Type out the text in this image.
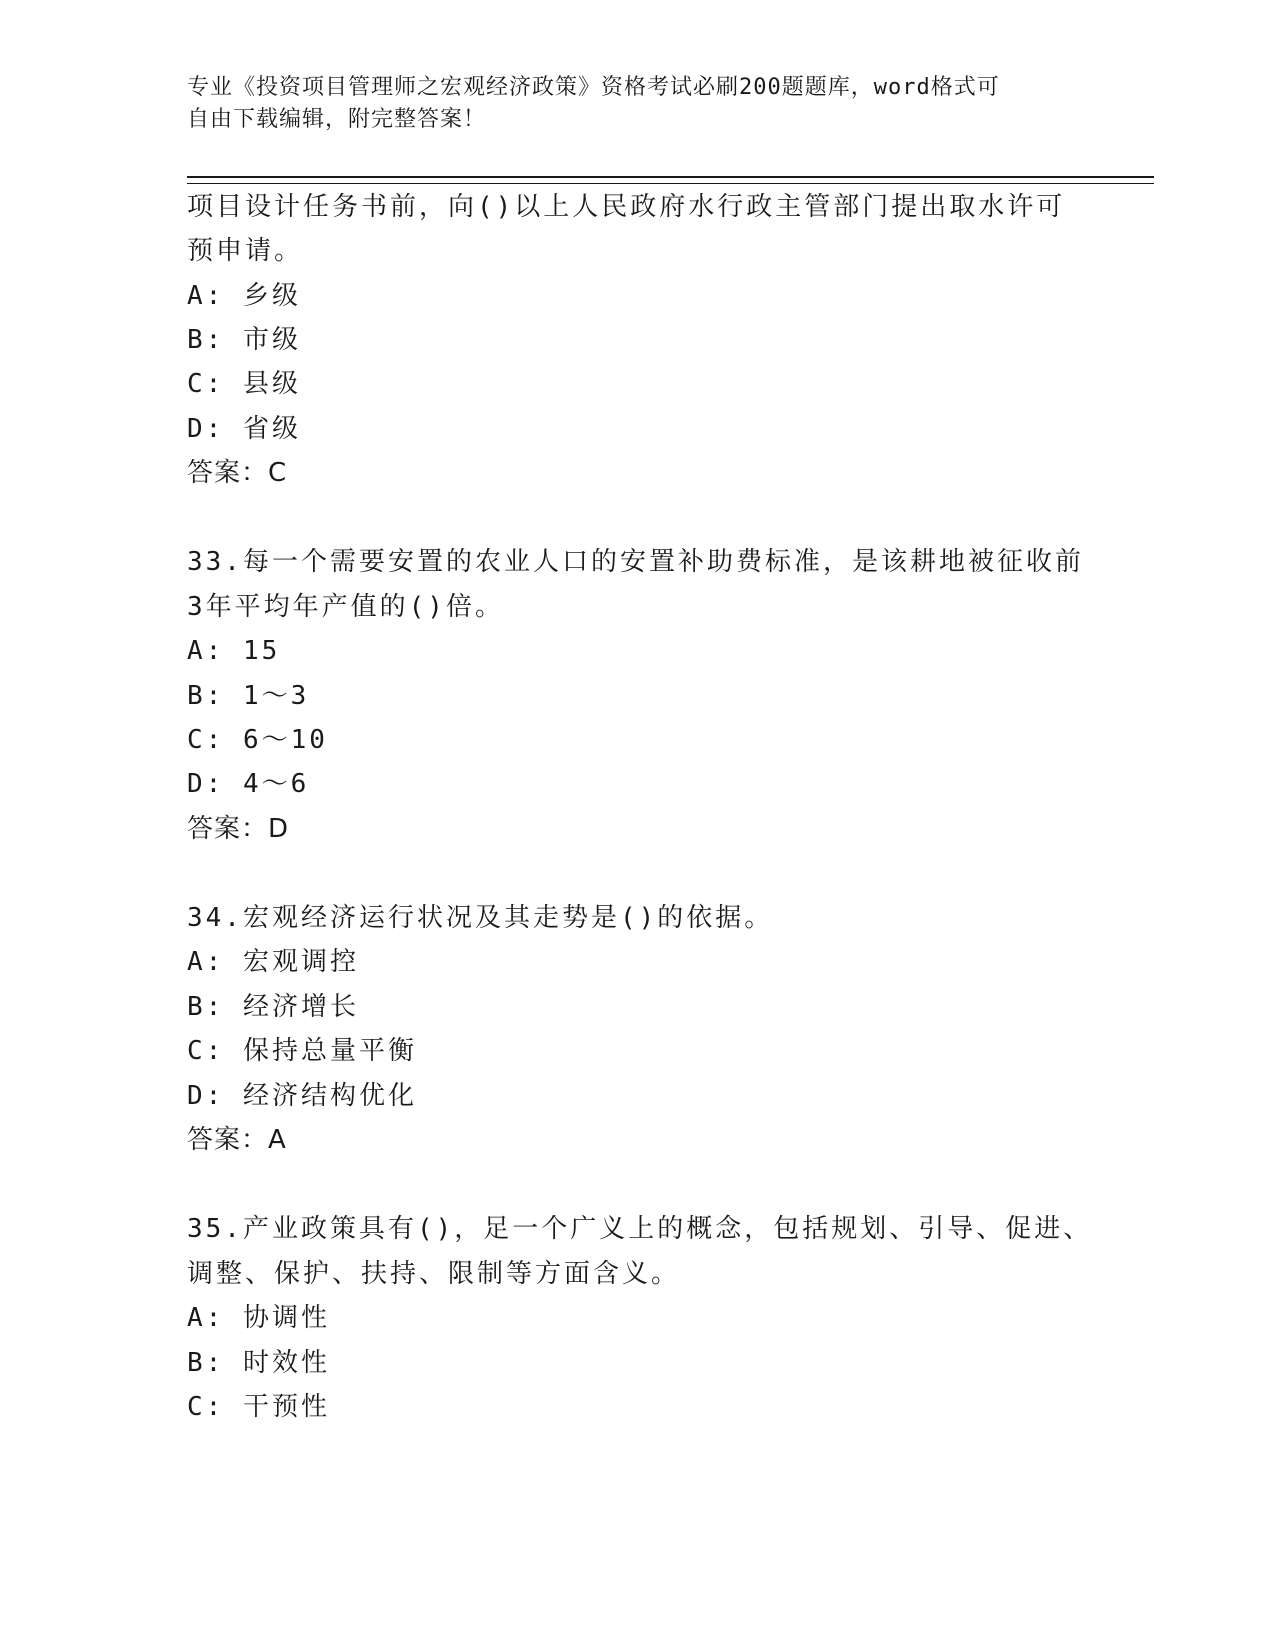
专业《投资项目管理师之宏观经济政策》资格考试必刷200题题库，word格式可
自由下载编辑，附完整答案！
项目设计任务书前，向()以上人民政府水行政主管部门提出取水许可
预申请。
A: 乡级
B: 市级
C: 县级
D: 省级
答案：C
33.每一个需要安置的农业人口的安置补助费标准，是该耕地被征收前
3年平均年产值的()倍。
A: 15
B: 1～3
C: 6～10
D: 4～6
答案：D
34.宏观经济运行状况及其走势是()的依据。
A: 宏观调控
B: 经济增长
C: 保持总量平衡
D: 经济结构优化
答案：A
35.产业政策具有()，足一个广义上的概念，包括规划、引导、促进、
调整、保护、扶持、限制等方面含义。
A: 协调性
B: 时效性
C: 干预性
